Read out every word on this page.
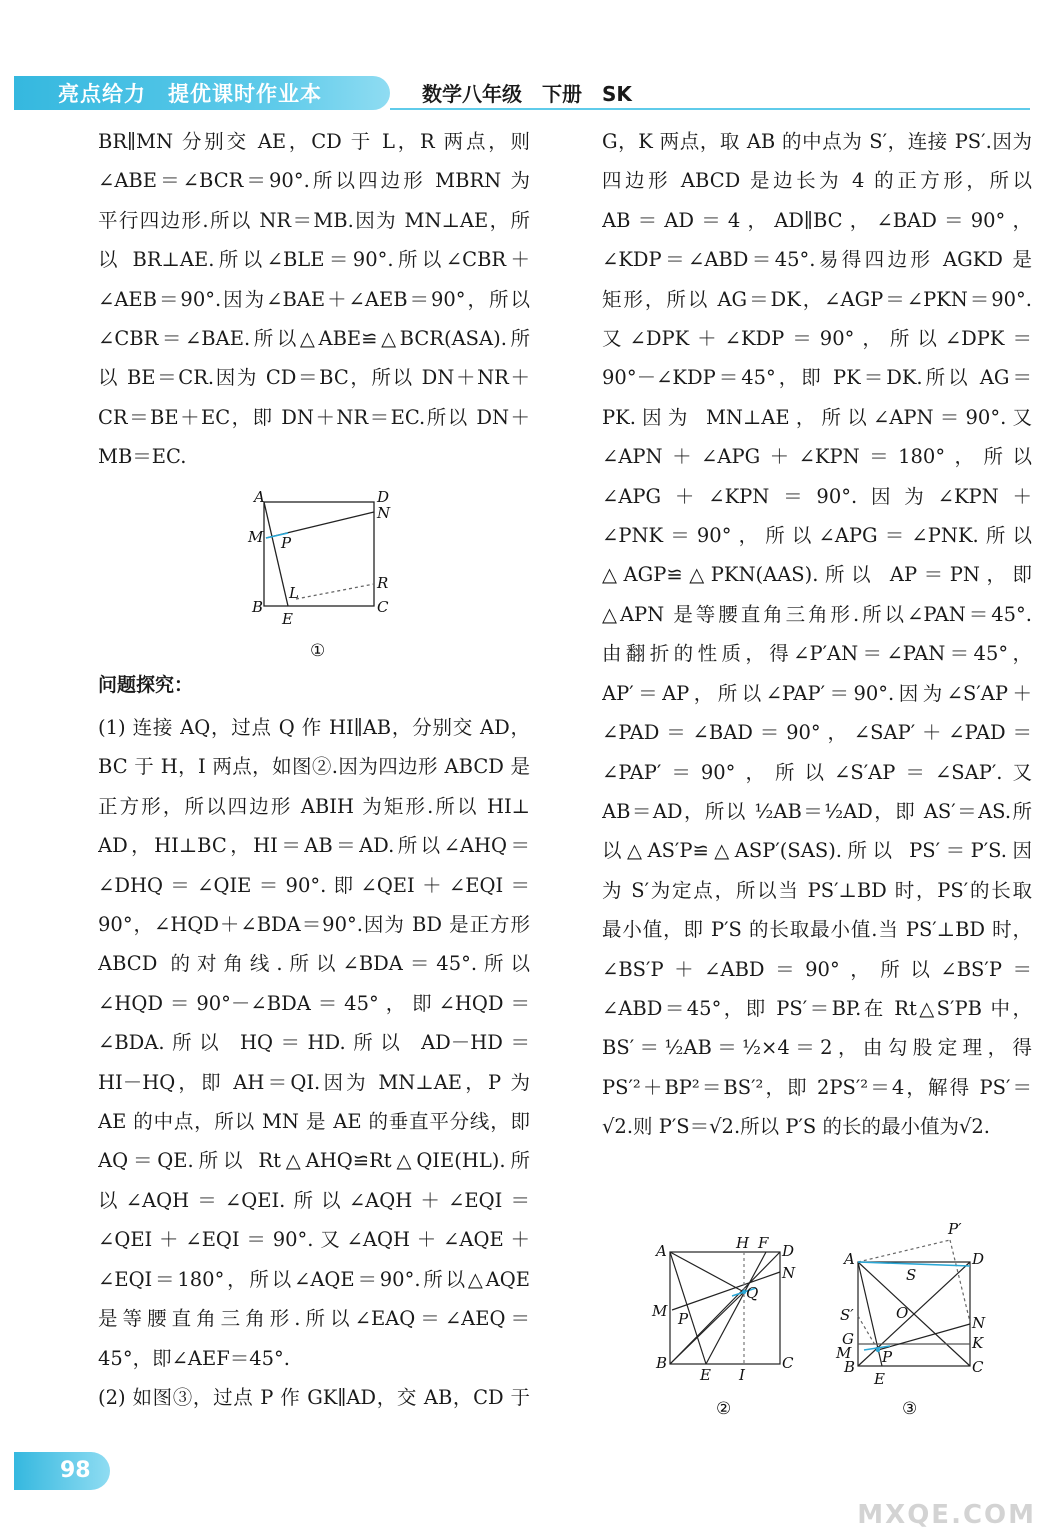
亮点给力　提优课时作业本	数学八年级　下册　SK
BR∥MN 分别交 AE，CD 于 L，R 两点，则
∠ABE＝∠BCR＝90°.所以四边形 MBRN 为
平行四边形.所以 NR＝MB.因为 MN⊥AE，所
以 BR⊥AE.所以∠BLE＝90°.所以∠CBR＋
∠AEB＝90°.因为∠BAE＋∠AEB＝90°，所以
∠CBR＝∠BAE.所以△ABE≌△BCR(ASA).所
以 BE＝CR.因为 CD＝BC，所以 DN＋NR＋
CR＝BE＋EC，即 DN＋NR＝EC.所以 DN＋
MB＝EC.
A	D
N
M P
R
L
B
E
C
①
问题探究：
(1) 连接 AQ，过点 Q 作 HI∥AB，分别交 AD，
BC 于 H，I 两点，如图②.因为四边形 ABCD 是
正方形，所以四边形 ABIH 为矩形.所以 HI⊥
AD，HI⊥BC，HI＝AB＝AD.所以∠AHQ＝
∠DHQ＝∠QIE＝90°.即∠QEI＋∠EQI＝
90°，∠HQD＋∠BDA＝90°.因为 BD 是正方形
ABCD 的对角线.所以∠BDA＝45°.所以
∠HQD＝90°－∠BDA＝45°，即∠HQD＝
∠BDA.所以 HQ＝HD.所以 AD－HD＝
HI－HQ，即 AH＝QI.因为 MN⊥AE，P 为
AE 的中点，所以 MN 是 AE 的垂直平分线，即
AQ＝QE.所以 Rt△AHQ≌Rt△QIE(HL).所
以∠AQH＝∠QEI.所以∠AQH＋∠EQI＝
∠QEI＋∠EQI＝90°.又∠AQH＋∠AQE＋
∠EQI＝180°，所以∠AQE＝90°.所以△AQE
是等腰直角三角形.所以∠EAQ＝∠AEQ＝
45°，即∠AEF＝45°.
(2) 如图③，过点 P 作 GK∥AD，交 AB，CD 于
G，K 两点，取 AB 的中点为 S′，连接 PS′.因为
四边形 ABCD 是边长为 4 的正方形，所以
AB＝AD＝4，AD∥BC，∠BAD＝90°，
∠KDP＝∠ABD＝45°.易得四边形 AGKD 是
矩形，所以 AG＝DK，∠AGP＝∠PKN＝90°.
又∠DPK＋∠KDP＝90°，所以∠DPK＝
90°－∠KDP＝45°，即 PK＝DK.所以 AG＝
PK.因为 MN⊥AE，所以∠APN＝90°.又
∠APN＋∠APG＋∠KPN＝180°，所以
∠APG＋∠KPN＝90°.因为∠KPN＋
∠PNK＝90°，所以∠APG＝∠PNK.所以
△AGP≌△PKN(AAS).所以 AP＝PN，即
△APN 是等腰直角三角形.所以∠PAN＝45°.
由翻折的性质，得∠P′AN＝∠PAN＝45°，
AP′＝AP，所以∠PAP′＝90°.因为∠S′AP＋
∠PAD＝∠BAD＝90°，∠SAP′＋∠PAD＝
∠PAP′＝90°，所以∠S′AP＝∠SAP′.又
AB＝AD，所以 ½AB＝½AD，即 AS′＝AS.所
以△AS′P≌△ASP′(SAS).所以 PS′＝P′S.因
为 S′为定点，所以当 PS′⊥BD 时，PS′的长取
最小值，即 P′S 的长取最小值.当 PS′⊥BD 时，
∠BS′P＋∠ABD＝90°，所以∠BS′P＝
∠ABD＝45°，即 PS′＝BP.在 Rt△S′PB 中，
BS′＝½AB＝½×4＝2，由勾股定理，得
PS′²＋BP²＝BS′²，即 2PS′²＝4，解得 PS′＝
√2.则 P′S＝√2.所以 P′S 的长的最小值为√2.
A	H F D
N
Q
M P
B
E I
C
②
P′
A	D
S
O
S′
G
M
N
K
B
P
C
E
③
98
MXQE.COM
